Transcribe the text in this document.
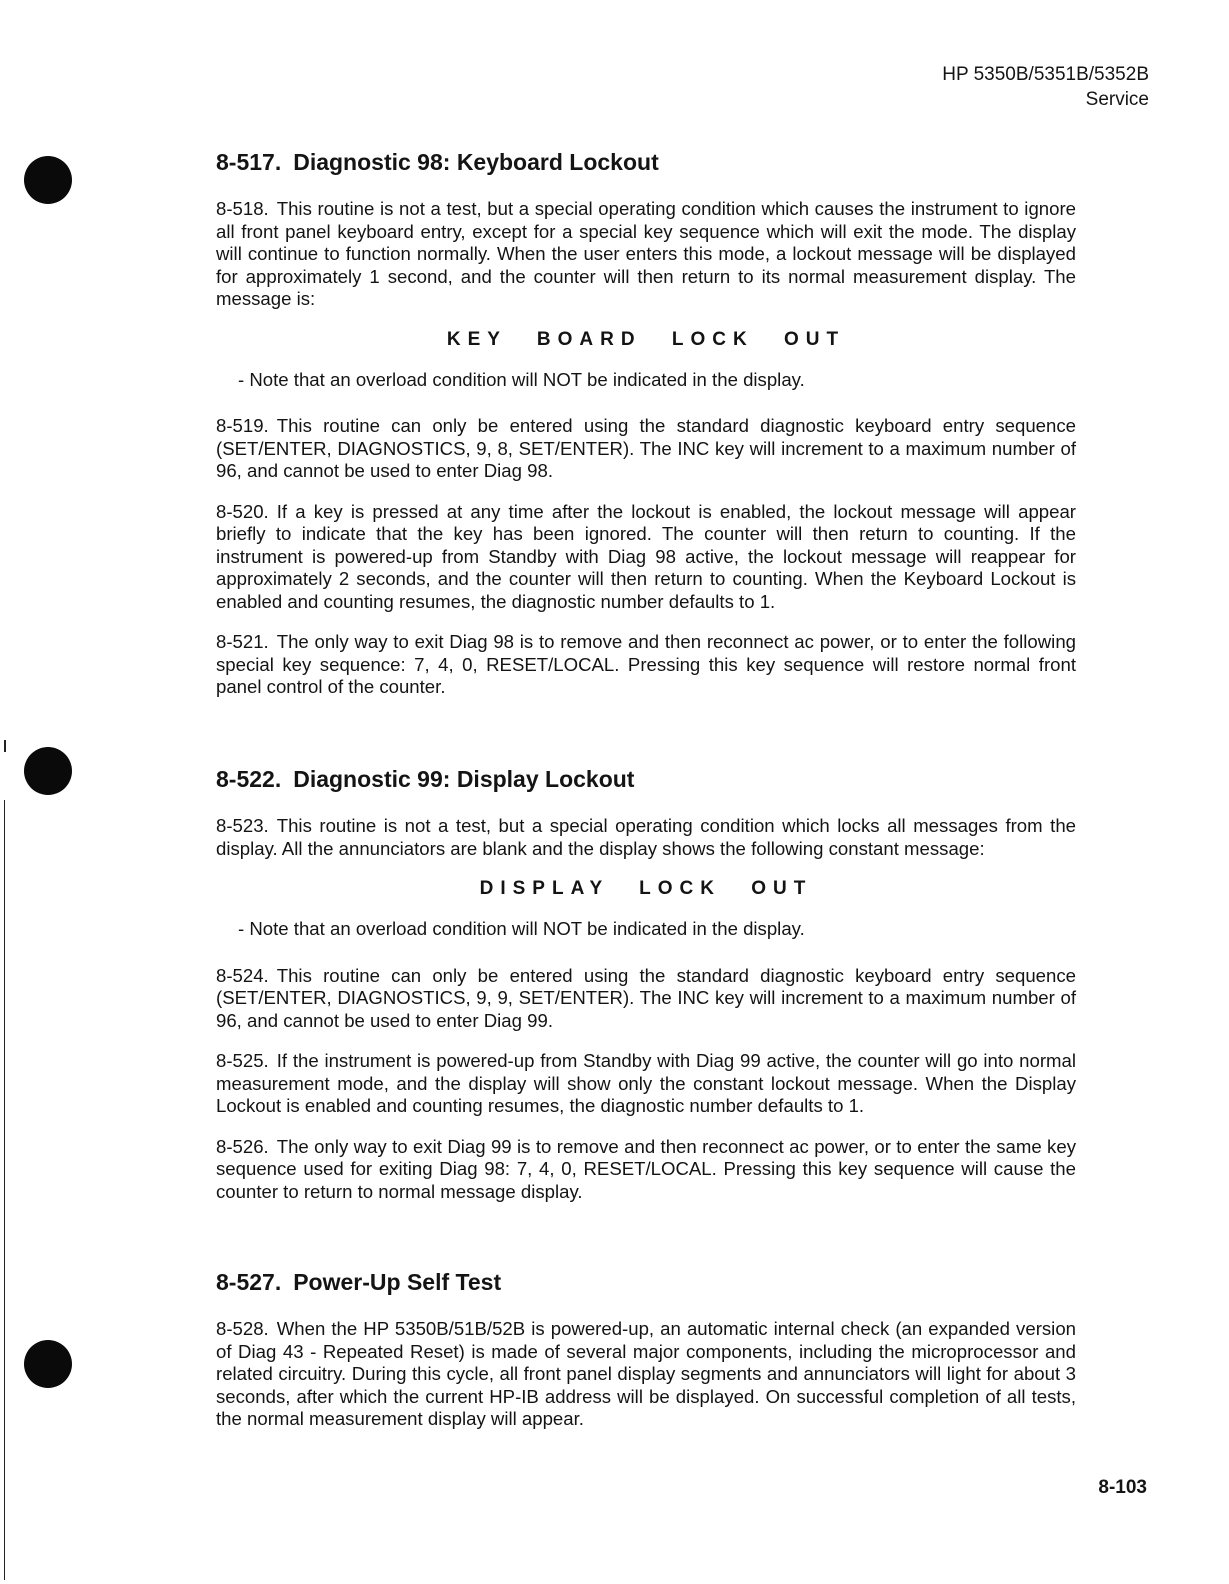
HP 5350B/5351B/5352B
Service
8-517. Diagnostic 98: Keyboard Lockout

8-518. This routine is not a test, but a special operating condition which causes the instrument to ignore all front panel keyboard entry, except for a special key sequence which will exit the mode. The display will continue to function normally. When the user enters this mode, a lockout message will be displayed for approximately 1 second, and the counter will then return to its normal measurement display. The message is:

KEY BOARD LOCK OUT
- Note that an overload condition will NOT be indicated in the display.

8-519. This routine can only be entered using the standard diagnostic keyboard entry sequence (SET/ENTER, DIAGNOSTICS, 9, 8, SET/ENTER). The INC key will increment to a maximum number of 96, and cannot be used to enter Diag 98.

8-520. If a key is pressed at any time after the lockout is enabled, the lockout message will appear briefly to indicate that the key has been ignored. The counter will then return to counting. If the instrument is powered-up from Standby with Diag 98 active, the lockout message will reappear for approximately 2 seconds, and the counter will then return to counting. When the Keyboard Lockout is enabled and counting resumes, the diagnostic number defaults to 1.

8-521. The only way to exit Diag 98 is to remove and then reconnect ac power, or to enter the following special key sequence: 7, 4, 0, RESET/LOCAL. Pressing this key sequence will restore normal front panel control of the counter.

8-522. Diagnostic 99: Display Lockout

8-523. This routine is not a test, but a special operating condition which locks all messages from the display. All the annunciators are blank and the display shows the following constant message:

DISPLAY LOCK OUT
- Note that an overload condition will NOT be indicated in the display.

8-524. This routine can only be entered using the standard diagnostic keyboard entry sequence (SET/ENTER, DIAGNOSTICS, 9, 9, SET/ENTER). The INC key will increment to a maximum number of 96, and cannot be used to enter Diag 99.

8-525. If the instrument is powered-up from Standby with Diag 99 active, the counter will go into normal measurement mode, and the display will show only the constant lockout message. When the Display Lockout is enabled and counting resumes, the diagnostic number defaults to 1.

8-526. The only way to exit Diag 99 is to remove and then reconnect ac power, or to enter the same key sequence used for exiting Diag 98: 7, 4, 0, RESET/LOCAL. Pressing this key sequence will cause the counter to return to normal message display.

8-527. Power-Up Self Test

8-528. When the HP 5350B/51B/52B is powered-up, an automatic internal check (an expanded version of Diag 43 - Repeated Reset) is made of several major components, including the microprocessor and related circuitry. During this cycle, all front panel display segments and annunciators will light for about 3 seconds, after which the current HP-IB address will be displayed. On successful completion of all tests, the normal measurement display will appear.

8-103
